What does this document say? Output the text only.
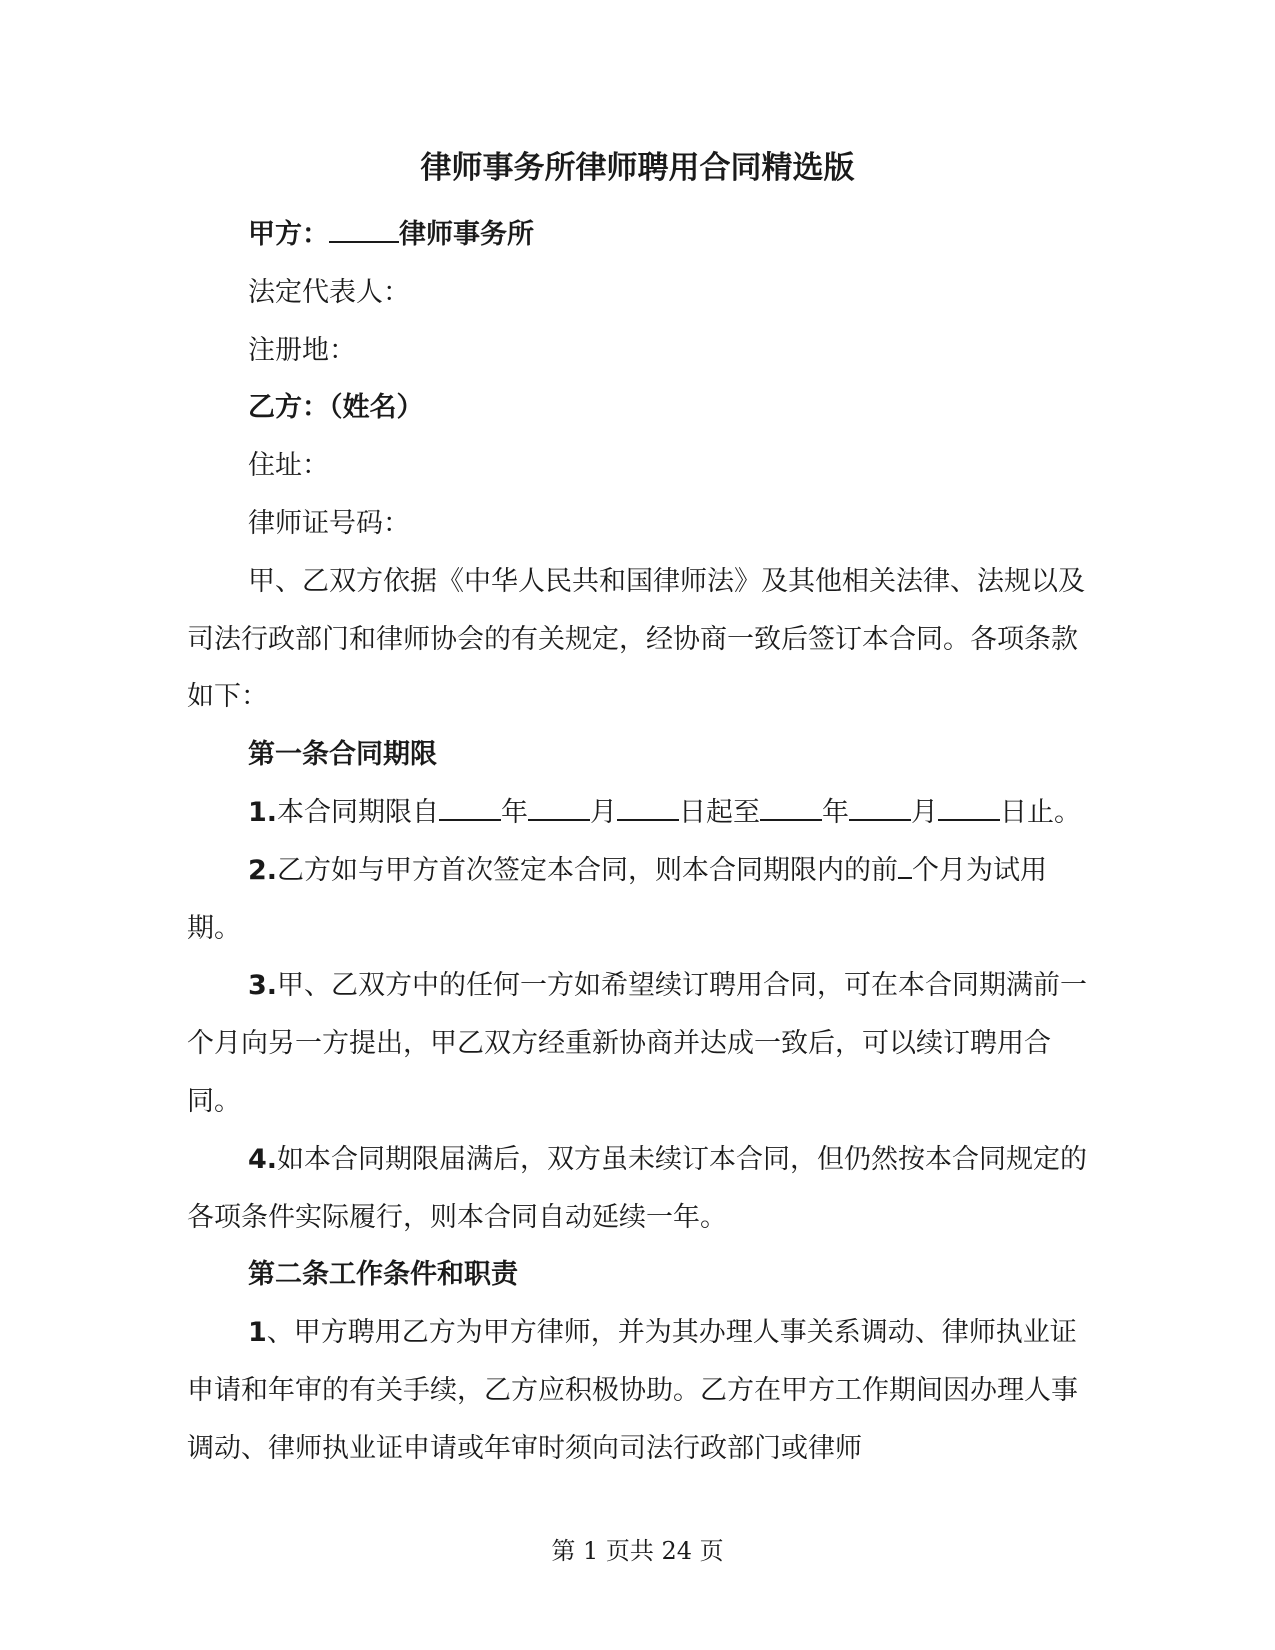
律师事务所律师聘用合同精选版

甲方：	律师事务所

法定代表人：

注册地：

乙方：（姓名）

住址：

律师证号码：

甲、乙双方依据《中华人民共和国律师法》及其他相关法律、法规以及司法行政部门和律师协会的有关规定，经协商一致后签订本合同。各项条款如下：

第一条合同期限

1.本合同期限自 年 月 日起至 年 月 日止。

2.乙方如与甲方首次签定本合同，则本合同期限内的前 个月为试用期。

3.甲、乙双方中的任何一方如希望续订聘用合同，可在本合同期满前一个月向另一方提出，甲乙双方经重新协商并达成一致后，可以续订聘用合同。

4.如本合同期限届满后，双方虽未续订本合同，但仍然按本合同规定的各项条件实际履行，则本合同自动延续一年。

第二条工作条件和职责

1、甲方聘用乙方为甲方律师，并为其办理人事关系调动、律师执业证申请和年审的有关手续，乙方应积极协助。乙方在甲方工作期间因办理人事调动、律师执业证申请或年审时须向司法行政部门或律师

第 1 页共 24 页
